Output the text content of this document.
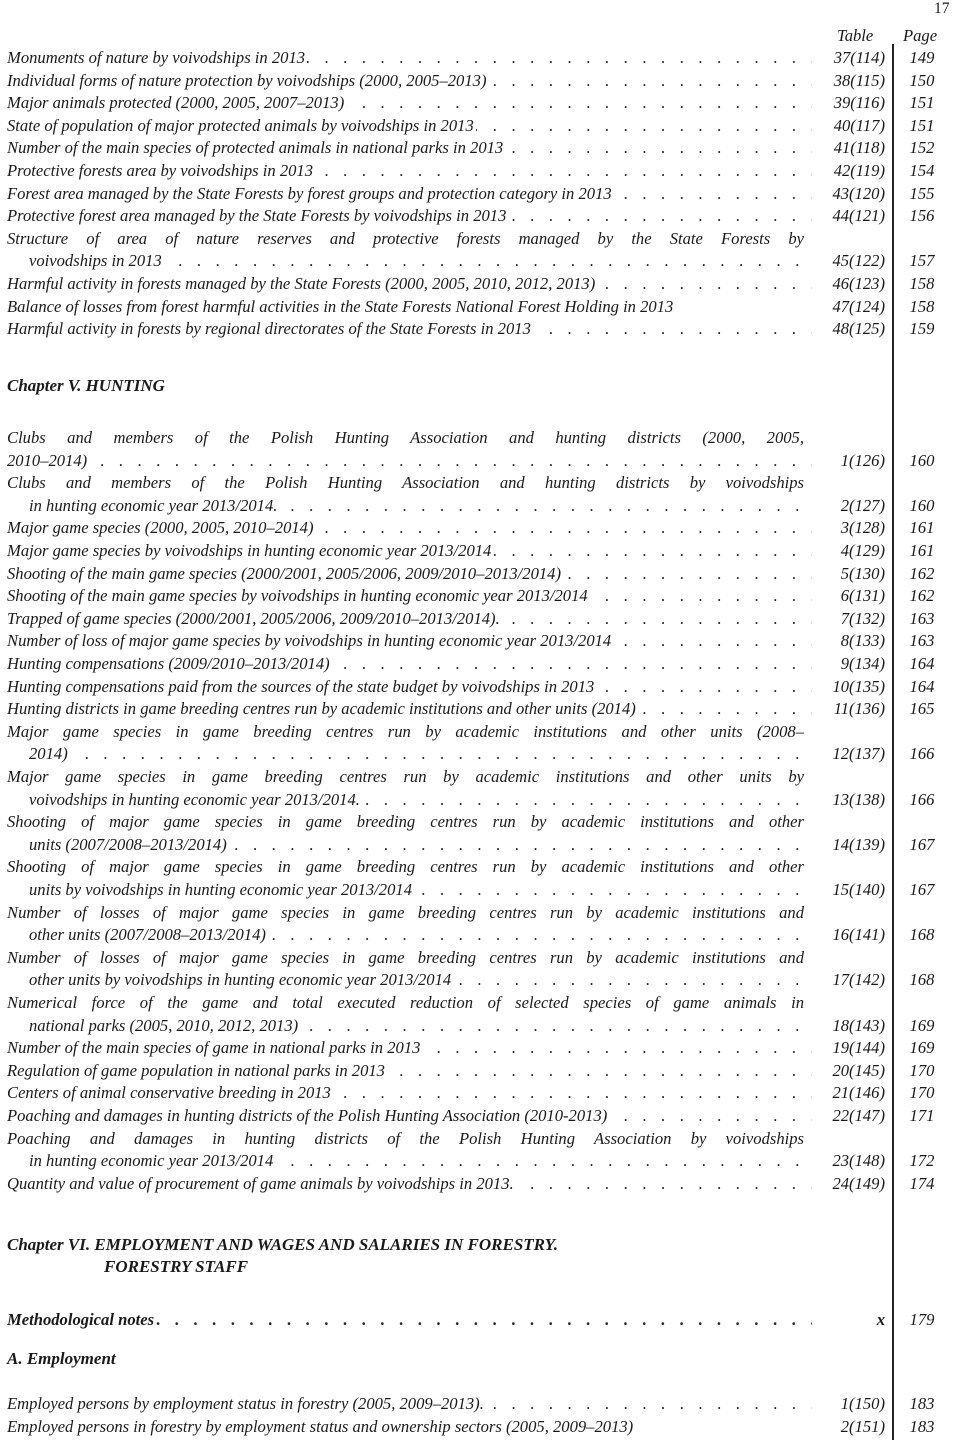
17
Table Page
. . .
Monuments of nature by voivodships in 2013	37(114)	149
. . .
Individual forms of nature protection by voivodships (2000, 2005–2013)	38(115)	150
. . .
Major animals protected (2000, 2005, 2007–2013)	39(116)	151
. . .
State of population of major protected animals by voivodships in 2013	40(117)	151
. . .
Number of the main species of protected animals in national parks in 2013	41(118)	152
. . .
Protective forests area by voivodships in 2013	42(119)	154
. . .
Forest area managed by the State Forests by forest groups and protection category in 2013	43(120)	155
. . .
Protective forest area managed by the State Forests by voivodships in 2013	44(121)	156
Structure of area of nature reserves and protective forests managed by the State Forests by
. . .
voivodships in 2013	45(122)	157
. . .
Harmful activity in forests managed by the State Forests (2000, 2005, 2010, 2012, 2013)	46(123)	158
Balance of losses from forest harmful activities in the State Forests National Forest Holding in 2013	47(124)	158
. . .
Harmful activity in forests by regional directorates of the State Forests in 2013	48(125)	159
Chapter V. HUNTING
Clubs and members of the Polish Hunting Association and hunting districts (2000, 2005,
. . .
2010–2014)	1(126)	160
Clubs and members of the Polish Hunting Association and hunting districts by voivodships
. . .
in hunting economic year 2013/2014.	2(127)	160
. . .
Major game species (2000, 2005, 2010–2014)	3(128)	161
. . .
Major game species by voivodships in hunting economic year 2013/2014	4(129)	161
. . .
Shooting of the main game species (2000/2001, 2005/2006, 2009/2010–2013/2014)	5(130)	162
. . .
Shooting of the main game species by voivodships in hunting economic year 2013/2014	6(131)	162
. . .
Trapped of game species (2000/2001, 2005/2006, 2009/2010–2013/2014).	7(132)	163
. . .
Number of loss of major game species by voivodships in hunting economic year 2013/2014	8(133)	163
. . .
Hunting compensations (2009/2010–2013/2014)	9(134)	164
. . .
Hunting compensations paid from the sources of the state budget by voivodships in 2013	10(135)	164
. . .
Hunting districts in game breeding centres run by academic institutions and other units (2014)	11(136)	165
Major game species in game breeding centres run by academic institutions and other units (2008–
. . .
2014)	12(137)	166
Major game species in game breeding centres run by academic institutions and other units by
. . .
voivodships in hunting economic year 2013/2014.	13(138)	166
Shooting of major game species in game breeding centres run by academic institutions and other
. . .
units (2007/2008–2013/2014)	14(139)	167
Shooting of major game species in game breeding centres run by academic institutions and other
. . .
units by voivodships in hunting economic year 2013/2014	15(140)	167
Number of losses of major game species in game breeding centres run by academic institutions and
. . .
other units (2007/2008–2013/2014)	16(141)	168
Number of losses of major game species in game breeding centres run by academic institutions and
. . .
other units by voivodships in hunting economic year 2013/2014	17(142)	168
Numerical force of the game and total executed reduction of selected species of game animals in
. . .
national parks (2005, 2010, 2012, 2013)	18(143)	169
. . .
Number of the main species of game in national parks in 2013	19(144)	169
. . .
Regulation of game population in national parks in 2013	20(145)	170
. . .
Centers of animal conservative breeding in 2013	21(146)	170
. . .
Poaching and damages in hunting districts of the Polish Hunting Association (2010-2013)	22(147)	171
Poaching and damages in hunting districts of the Polish Hunting Association by voivodships
. . .
in hunting economic year 2013/2014	23(148)	172
. . .
Quantity and value of procurement of game animals by voivodships in 2013.	24(149)	174
Chapter VI. EMPLOYMENT AND WAGES AND SALARIES IN FORESTRY.
FORESTRY STAFF
. . .
Methodological notes	x	179
A. Employment
. . .
Employed persons by employment status in forestry (2005, 2009–2013).	1(150)	183
Employed persons in forestry by employment status and ownership sectors (2005, 2009–2013)	2(151)	183
